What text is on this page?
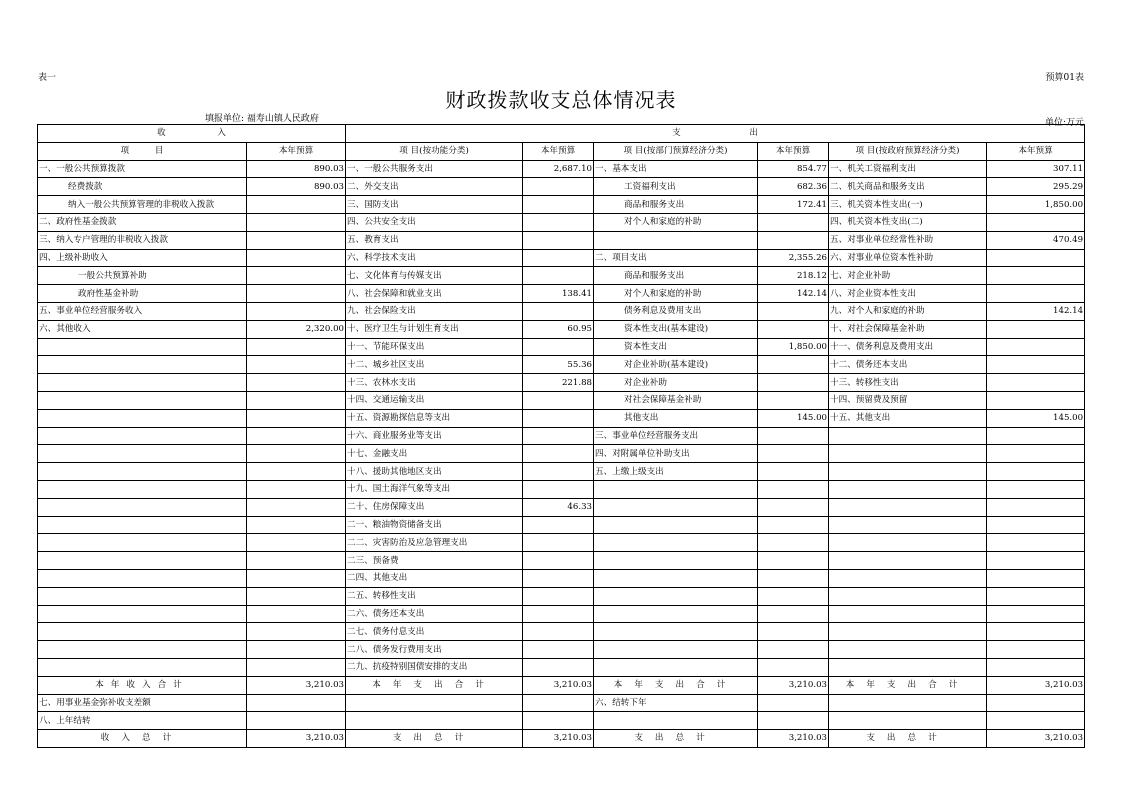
表一	预算01表
财政拨款收支总体情况表
填报单位: 福寿山镇人民政府	单位:万元
收　　　　　　入		支　　　　　　　　出					
项　　　目	本年预算	项 目(按功能分类)	本年预算	项 目(按部门预算经济分类)	本年预算	项 目(按政府预算经济分类)	本年预算
一、一般公共预算拨款	890.03	一、一般公共服务支出	2,687.10	一、基本支出	854.77	一、机关工资福利支出	307.11
经费拨款	890.03	二、外交支出		工资福利支出	682.36	二、机关商品和服务支出	295.29
纳入一般公共预算管理的非税收入拨款		三、国防支出		商品和服务支出	172.41	三、机关资本性支出(一)	1,850.00
二、政府性基金拨款		四、公共安全支出		对个人和家庭的补助		四、机关资本性支出(二)	
三、纳入专户管理的非税收入拨款		五、教育支出				五、对事业单位经常性补助	470.49
四、上级补助收入		六、科学技术支出		二、项目支出	2,355.26	六、对事业单位资本性补助	
一般公共预算补助		七、文化体育与传媒支出		商品和服务支出	218.12	七、对企业补助	
政府性基金补助		八、社会保障和就业支出	138.41	对个人和家庭的补助	142.14	八、对企业资本性支出	
五、事业单位经营服务收入		九、社会保险支出		债务利息及费用支出		九、对个人和家庭的补助	142.14
六、其他收入	2,320.00	十、医疗卫生与计划生育支出	60.95	资本性支出(基本建设)		十、对社会保障基金补助	
		十一、节能环保支出		资本性支出	1,850.00	十一、债务利息及费用支出	
		十二、城乡社区支出	55.36	对企业补助(基本建设)		十二、债务还本支出	
		十三、农林水支出	221.88	对企业补助		十三、转移性支出	
		十四、交通运输支出		对社会保障基金补助		十四、预留费及预留	
		十五、资源勘探信息等支出		其他支出	145.00	十五、其他支出	145.00
		十六、商业服务业等支出		三、事业单位经营服务支出			
		十七、金融支出		四、对附属单位补助支出			
		十八、援助其他地区支出		五、上缴上级支出			
		十九、国土海洋气象等支出					
		二十、住房保障支出	46.33				
		二一、粮油物资储备支出					
		二二、灾害防治及应急管理支出					
		二三、预备费					
		二四、其他支出					
		二五、转移性支出					
		二六、债务还本支出					
		二七、债务付息支出					
		二八、债务发行费用支出					
		二九、抗疫特别国债安排的支出					
本年收入合计	3,210.03	本年支出合计	3,210.03	本年支出合计	3,210.03	本年支出合计	3,210.03
七、用事业基金弥补收支差额				六、结转下年			
八、上年结转							
收入总计	3,210.03	支出总计	3,210.03	支出总计	3,210.03	支出总计	3,210.03
